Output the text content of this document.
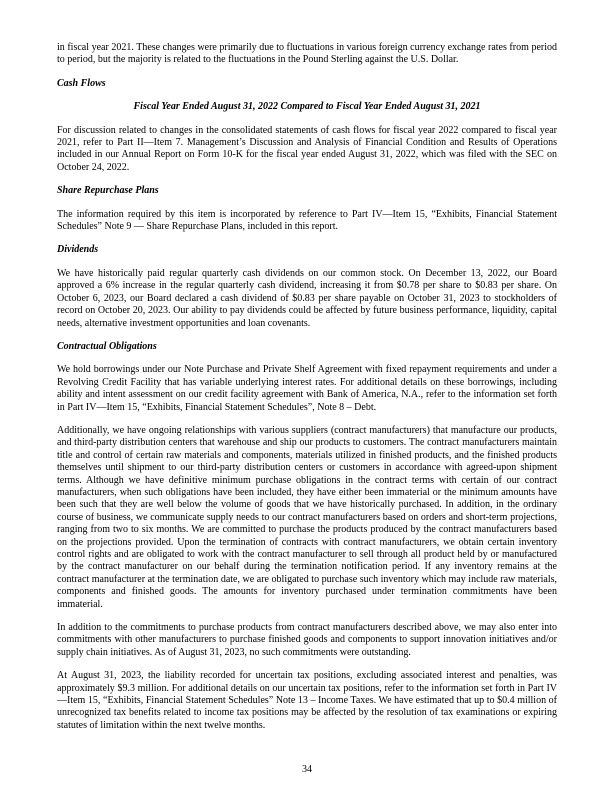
in fiscal year 2021. These changes were primarily due to fluctuations in various foreign currency exchange rates from period to period, but the majority is related to the fluctuations in the Pound Sterling against the U.S. Dollar.

Cash Flows

Fiscal Year Ended August 31, 2022 Compared to Fiscal Year Ended August 31, 2021

For discussion related to changes in the consolidated statements of cash flows for fiscal year 2022 compared to fiscal year 2021, refer to Part II—Item 7. Management’s Discussion and Analysis of Financial Condition and Results of Operations included in our Annual Report on Form 10-K for the fiscal year ended August 31, 2022, which was filed with the SEC on October 24, 2022.

Share Repurchase Plans

The information required by this item is incorporated by reference to Part IV—Item 15, “Exhibits, Financial Statement Schedules” Note 9 — Share Repurchase Plans, included in this report.

Dividends

We have historically paid regular quarterly cash dividends on our common stock. On December 13, 2022, our Board approved a 6% increase in the regular quarterly cash dividend, increasing it from $0.78 per share to $0.83 per share. On October 6, 2023, our Board declared a cash dividend of $0.83 per share payable on October 31, 2023 to stockholders of record on October 20, 2023. Our ability to pay dividends could be affected by future business performance, liquidity, capital needs, alternative investment opportunities and loan covenants.

Contractual Obligations

We hold borrowings under our Note Purchase and Private Shelf Agreement with fixed repayment requirements and under a Revolving Credit Facility that has variable underlying interest rates. For additional details on these borrowings, including ability and intent assessment on our credit facility agreement with Bank of America, N.A., refer to the information set forth in Part IV—Item 15, “Exhibits, Financial Statement Schedules”, Note 8 – Debt.

Additionally, we have ongoing relationships with various suppliers (contract manufacturers) that manufacture our products, and third-party distribution centers that warehouse and ship our products to customers. The contract manufacturers maintain title and control of certain raw materials and components, materials utilized in finished products, and the finished products themselves until shipment to our third-party distribution centers or customers in accordance with agreed-upon shipment terms. Although we have definitive minimum purchase obligations in the contract terms with certain of our contract manufacturers, when such obligations have been included, they have either been immaterial or the minimum amounts have been such that they are well below the volume of goods that we have historically purchased. In addition, in the ordinary course of business, we communicate supply needs to our contract manufacturers based on orders and short-term projections, ranging from two to six months. We are committed to purchase the products produced by the contract manufacturers based on the projections provided. Upon the termination of contracts with contract manufacturers, we obtain certain inventory control rights and are obligated to work with the contract manufacturer to sell through all product held by or manufactured by the contract manufacturer on our behalf during the termination notification period. If any inventory remains at the contract manufacturer at the termination date, we are obligated to purchase such inventory which may include raw materials, components and finished goods. The amounts for inventory purchased under termination commitments have been immaterial.

In addition to the commitments to purchase products from contract manufacturers described above, we may also enter into commitments with other manufacturers to purchase finished goods and components to support innovation initiatives and/or supply chain initiatives. As of August 31, 2023, no such commitments were outstanding.

At August 31, 2023, the liability recorded for uncertain tax positions, excluding associated interest and penalties, was approximately $9.3 million. For additional details on our uncertain tax positions, refer to the information set forth in Part IV—Item 15, “Exhibits, Financial Statement Schedules” Note 13 – Income Taxes. We have estimated that up to $0.4 million of unrecognized tax benefits related to income tax positions may be affected by the resolution of tax examinations or expiring statutes of limitation within the next twelve months.

34
